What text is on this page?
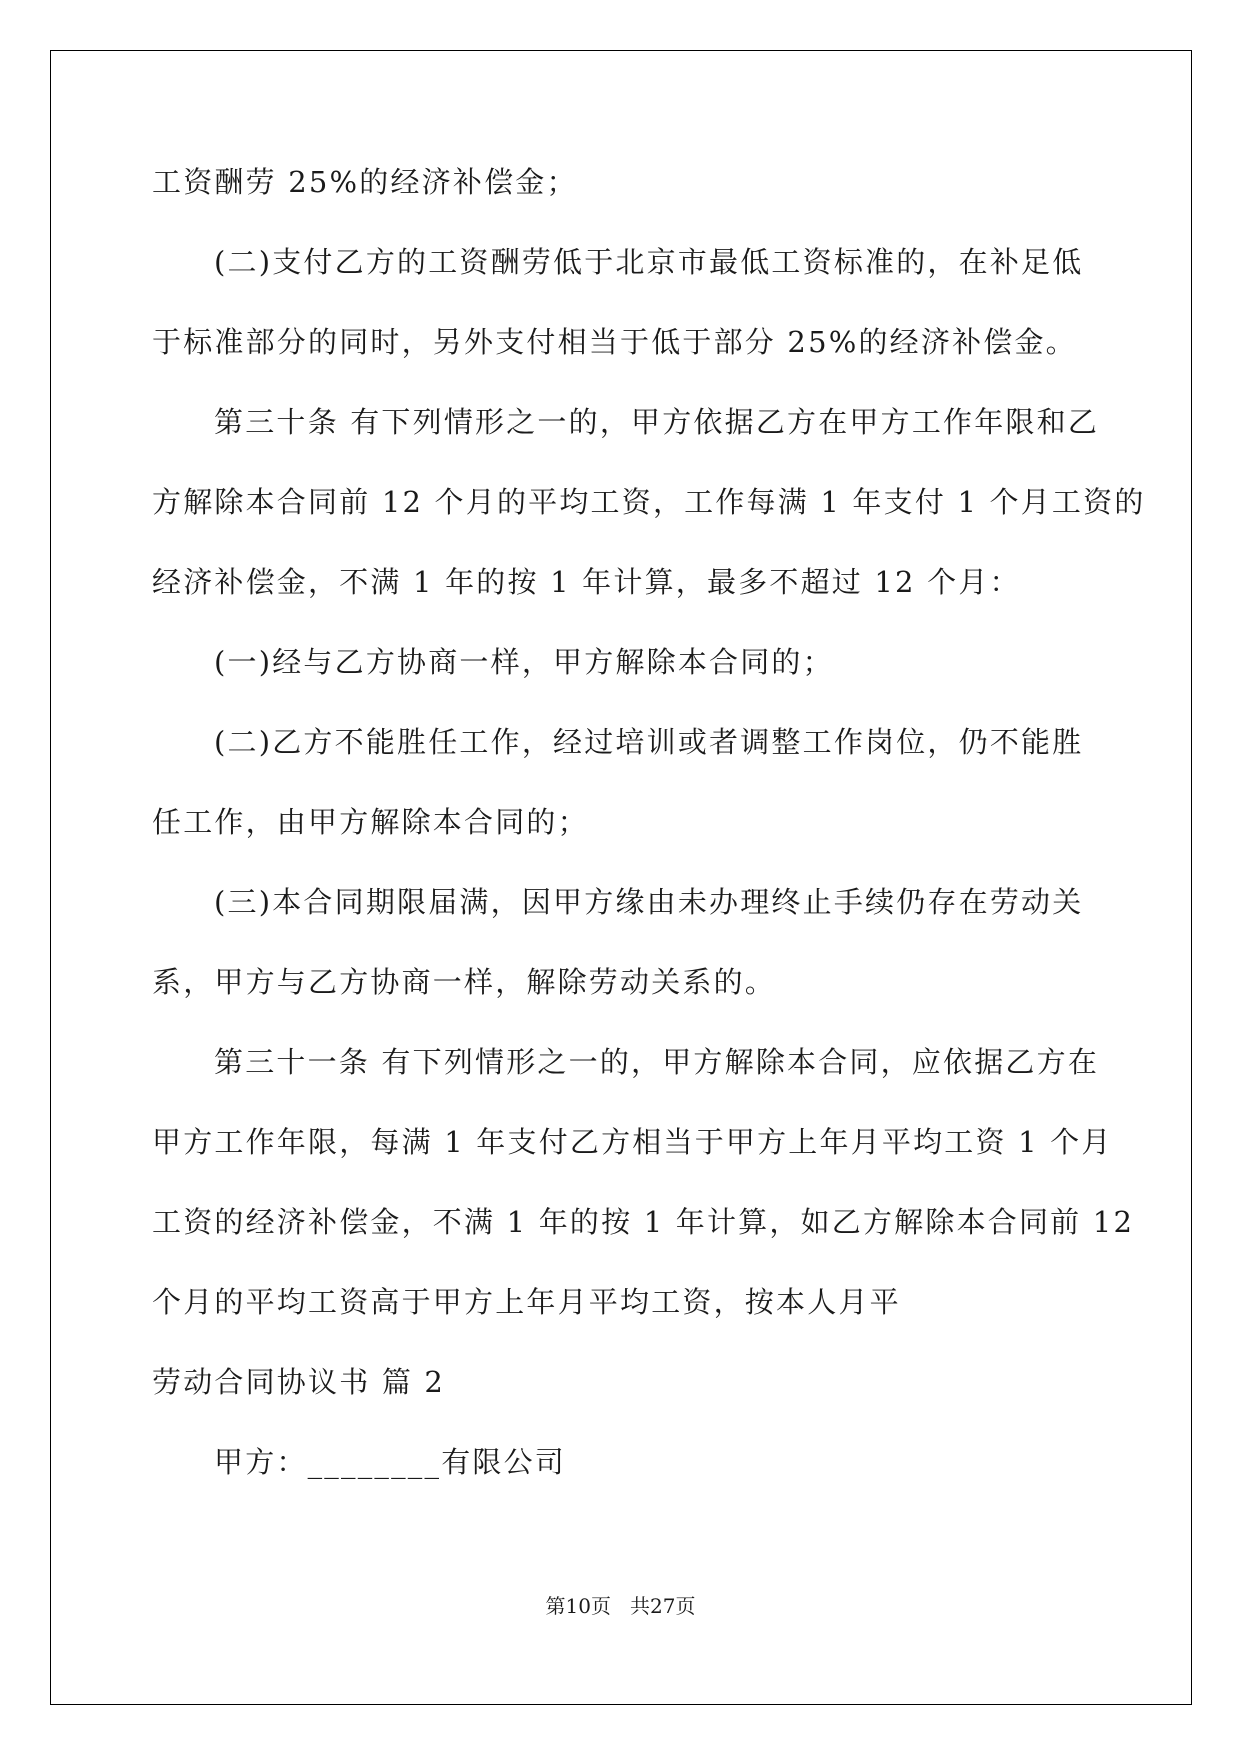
工资酬劳 25%的经济补偿金；

(二)支付乙方的工资酬劳低于北京市最低工资标准的，在补足低

于标准部分的同时，另外支付相当于低于部分 25%的经济补偿金。

第三十条 有下列情形之一的，甲方依据乙方在甲方工作年限和乙

方解除本合同前 12 个月的平均工资，工作每满 1 年支付 1 个月工资的

经济补偿金，不满 1 年的按 1 年计算，最多不超过 12 个月：

(一)经与乙方协商一样，甲方解除本合同的；

(二)乙方不能胜任工作，经过培训或者调整工作岗位，仍不能胜

任工作，由甲方解除本合同的；

(三)本合同期限届满，因甲方缘由未办理终止手续仍存在劳动关

系，甲方与乙方协商一样，解除劳动关系的。

第三十一条 有下列情形之一的，甲方解除本合同，应依据乙方在

甲方工作年限，每满 1 年支付乙方相当于甲方上年月平均工资 1 个月

工资的经济补偿金，不满 1 年的按 1 年计算，如乙方解除本合同前 12

个月的平均工资高于甲方上年月平均工资，按本人月平

劳动合同协议书 篇 2

甲方：________有限公司

第10页 共27页
